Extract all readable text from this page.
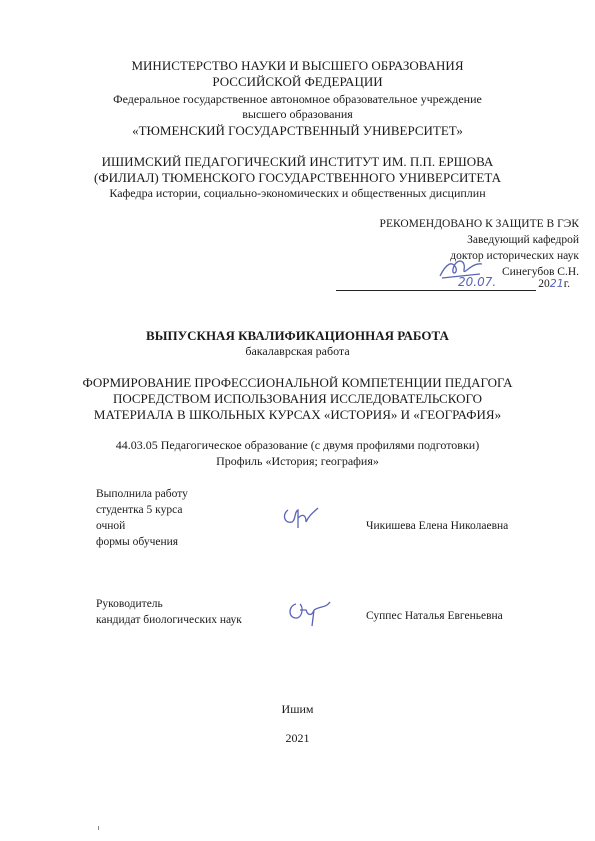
МИНИСТЕРСТВО НАУКИ И ВЫСШЕГО ОБРАЗОВАНИЯ
РОССИЙСКОЙ ФЕДЕРАЦИИ
Федеральное государственное автономное образовательное учреждение
высшего образования
«ТЮМЕНСКИЙ ГОСУДАРСТВЕННЫЙ УНИВЕРСИТЕТ»
ИШИМСКИЙ ПЕДАГОГИЧЕСКИЙ ИНСТИТУТ ИМ. П.П. ЕРШОВА
(ФИЛИАЛ) ТЮМЕНСКОГО ГОСУДАРСТВЕННОГО УНИВЕРСИТЕТА
Кафедра истории, социально-экономических и общественных дисциплин
РЕКОМЕНДОВАНО К ЗАЩИТЕ В ГЭК
Заведующий кафедрой
доктор исторических наук
Синегубов С.Н.
20.07.	2021г.
ВЫПУСКНАЯ КВАЛИФИКАЦИОННАЯ РАБОТА
бакалаврская работа
ФОРМИРОВАНИЕ ПРОФЕССИОНАЛЬНОЙ КОМПЕТЕНЦИИ ПЕДАГОГА
ПОСРЕДСТВОМ ИСПОЛЬЗОВАНИЯ ИССЛЕДОВАТЕЛЬСКОГО
МАТЕРИАЛА В ШКОЛЬНЫХ КУРСАХ «ИСТОРИЯ» И «ГЕОГРАФИЯ»
44.03.05 Педагогическое образование (с двумя профилями подготовки)
Профиль «История; география»
Выполнила работу
студентка 5 курса
очной
формы обучения
Чикишева Елена Николаевна
Руководитель
кандидат биологических наук	Суппес Наталья Евгеньевна
Ишим
2021
